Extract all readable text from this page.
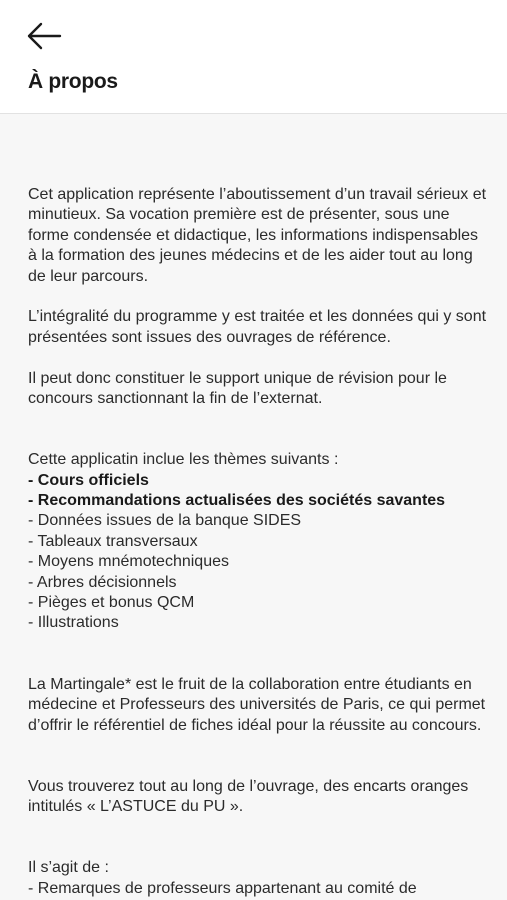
À propos

Cet application représente l’aboutissement d’un travail sérieux et minutieux. Sa vocation première est de présenter, sous une forme condensée et didactique, les informations indispensables à la formation des jeunes médecins et de les aider tout au long de leur parcours.

L’intégralité du programme y est traitée et les données qui y sont présentées sont issues des ouvrages de référence.

Il peut donc constituer le support unique de révision pour le concours sanctionnant la fin de l’externat.

Cette applicatin inclue les thèmes suivants :

- Cours officiels
- Recommandations actualisées des sociétés savantes
- Données issues de la banque SIDES
- Tableaux transversaux
- Moyens mnémotechniques
- Arbres décisionnels
- Pièges et bonus QCM
- Illustrations

La Martingale* est le fruit de la collaboration entre étudiants en médecine et Professeurs des universités de Paris, ce qui permet d’offrir le référentiel de fiches idéal pour la réussite au concours.

Vous trouverez tout au long de l’ouvrage, des encarts oranges intitulés « L’ASTUCE du PU ».

Il s’agit de :

- Remarques de professeurs appartenant au comité de
